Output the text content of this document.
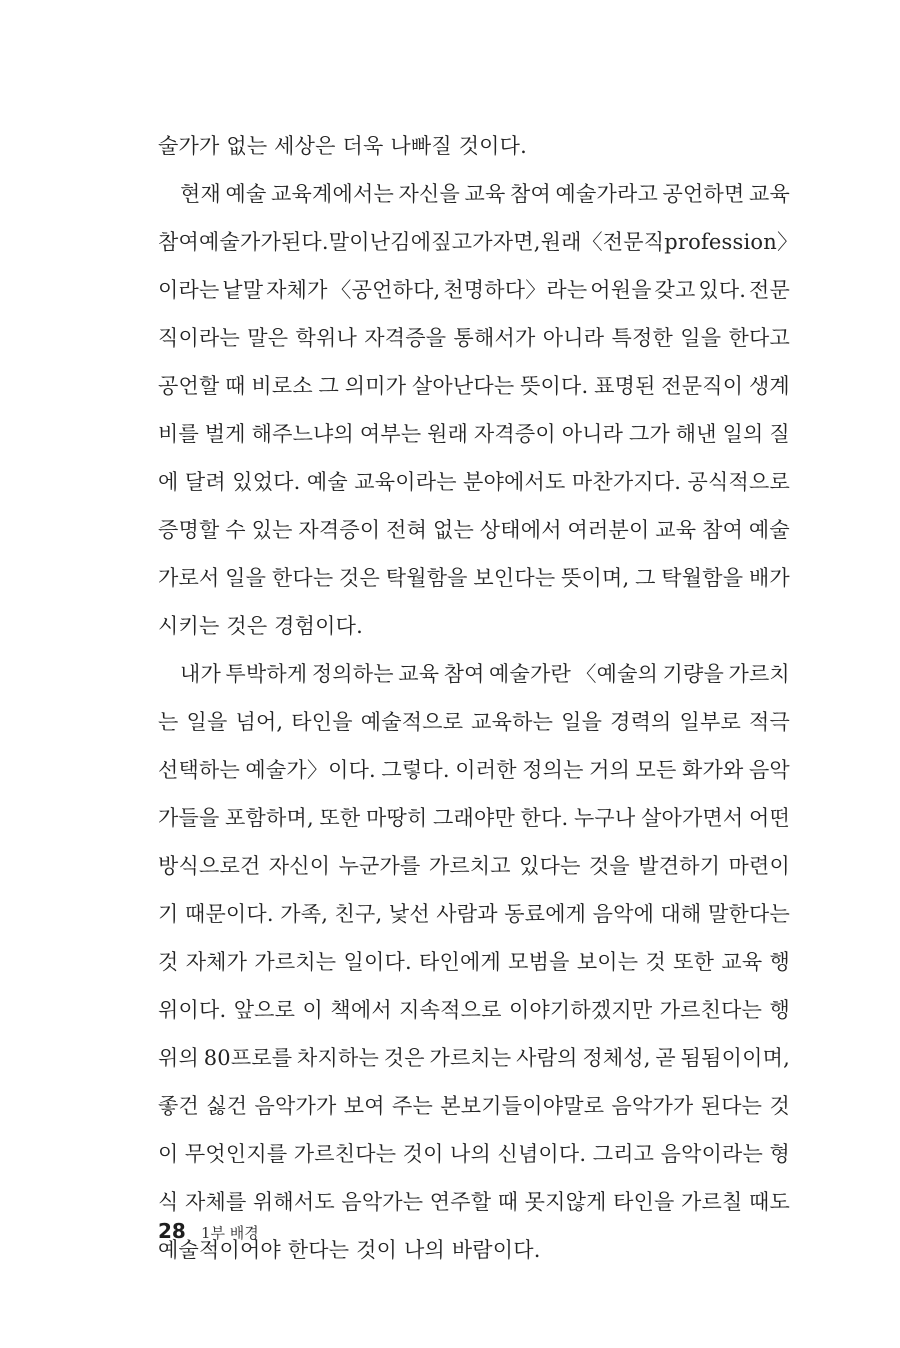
술가가 없는 세상은 더욱 나빠질 것이다.
현재 예술 교육계에서는 자신을 교육 참여 예술가라고 공언하면 교육
참여 예술가가 된다. 말이 난 김에 짚고 가자면, 원래 〈전문직profession〉
이라는 낱말 자체가 〈공언하다, 천명하다〉라는 어원을 갖고 있다. 전문
직이라는 말은 학위나 자격증을 통해서가 아니라 특정한 일을 한다고
공언할 때 비로소 그 의미가 살아난다는 뜻이다. 표명된 전문직이 생계
비를 벌게 해주느냐의 여부는 원래 자격증이 아니라 그가 해낸 일의 질
에 달려 있었다. 예술 교육이라는 분야에서도 마찬가지다. 공식적으로
증명할 수 있는 자격증이 전혀 없는 상태에서 여러분이 교육 참여 예술
가로서 일을 한다는 것은 탁월함을 보인다는 뜻이며, 그 탁월함을 배가
시키는 것은 경험이다.
내가 투박하게 정의하는 교육 참여 예술가란 〈예술의 기량을 가르치
는 일을 넘어, 타인을 예술적으로 교육하는 일을 경력의 일부로 적극
선택하는 예술가〉이다. 그렇다. 이러한 정의는 거의 모든 화가와 음악
가들을 포함하며, 또한 마땅히 그래야만 한다. 누구나 살아가면서 어떤
방식으로건 자신이 누군가를 가르치고 있다는 것을 발견하기 마련이
기 때문이다. 가족, 친구, 낯선 사람과 동료에게 음악에 대해 말한다는
것 자체가 가르치는 일이다. 타인에게 모범을 보이는 것 또한 교육 행
위이다. 앞으로 이 책에서 지속적으로 이야기하겠지만 가르친다는 행
위의 80프로를 차지하는 것은 가르치는 사람의 정체성, 곧 됨됨이이며,
좋건 싫건 음악가가 보여 주는 본보기들이야말로 음악가가 된다는 것
이 무엇인지를 가르친다는 것이 나의 신념이다. 그리고 음악이라는 형
식 자체를 위해서도 음악가는 연주할 때 못지않게 타인을 가르칠 때도
예술적이어야 한다는 것이 나의 바람이다.
28 1부 배경
